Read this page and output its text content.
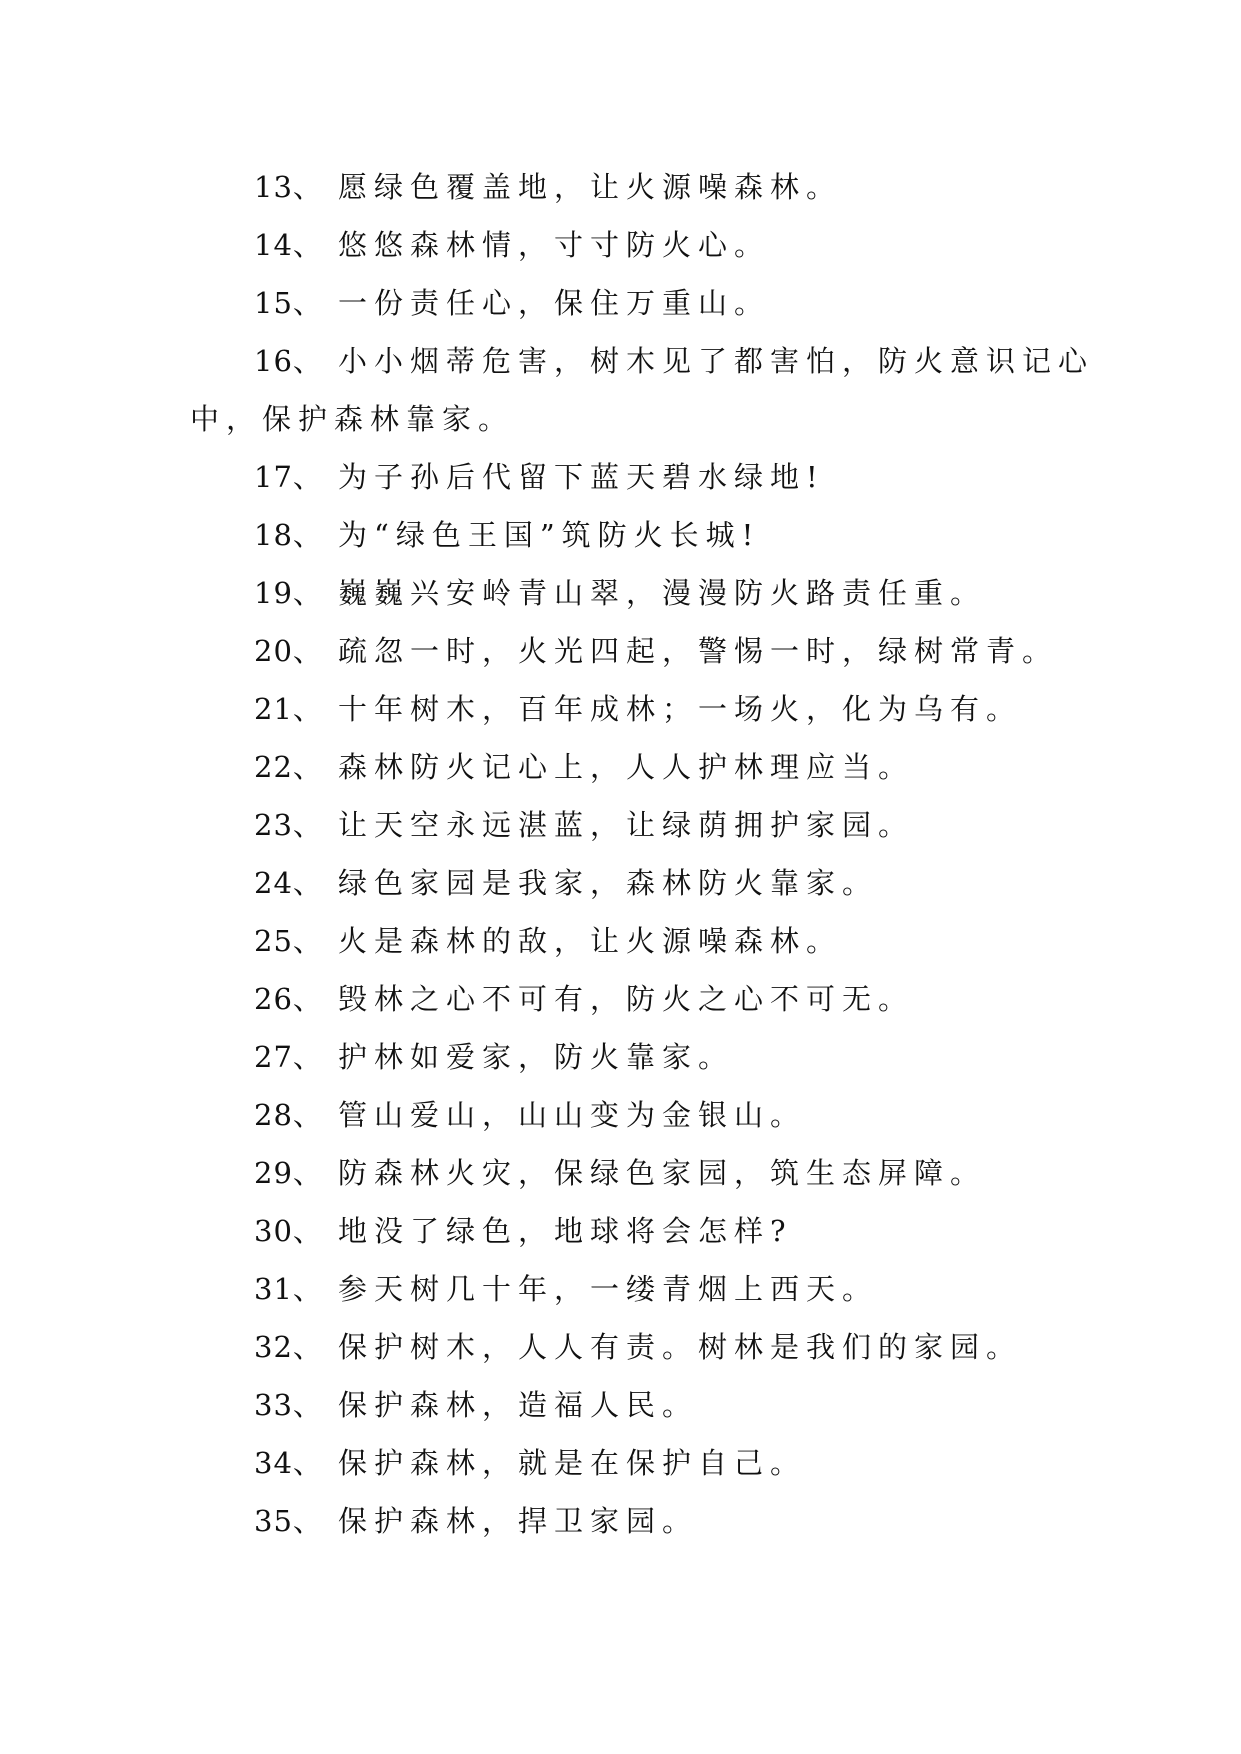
13、 愿绿色覆盖地，让火源噪森林。
14、 悠悠森林情，寸寸防火心。
15、 一份责任心，保住万重山。
16、 小小烟蒂危害，树木见了都害怕，防火意识记心
中，保护森林靠家。
17、 为子孙后代留下蓝天碧水绿地!
18、 为“绿色王国”筑防火长城!
19、 巍巍兴安岭青山翠，漫漫防火路责任重。
20、 疏忽一时，火光四起，警惕一时，绿树常青。
21、 十年树木，百年成林；一场火，化为乌有。
22、 森林防火记心上，人人护林理应当。
23、 让天空永远湛蓝，让绿荫拥护家园。
24、 绿色家园是我家，森林防火靠家。
25、 火是森林的敌，让火源噪森林。
26、 毁林之心不可有，防火之心不可无。
27、 护林如爱家，防火靠家。
28、 管山爱山，山山变为金银山。
29、 防森林火灾，保绿色家园，筑生态屏障。
30、 地没了绿色，地球将会怎样?
31、 参天树几十年，一缕青烟上西天。
32、 保护树木，人人有责。树林是我们的家园。
33、 保护森林，造福人民。
34、 保护森林，就是在保护自己。
35、 保护森林，捍卫家园。
